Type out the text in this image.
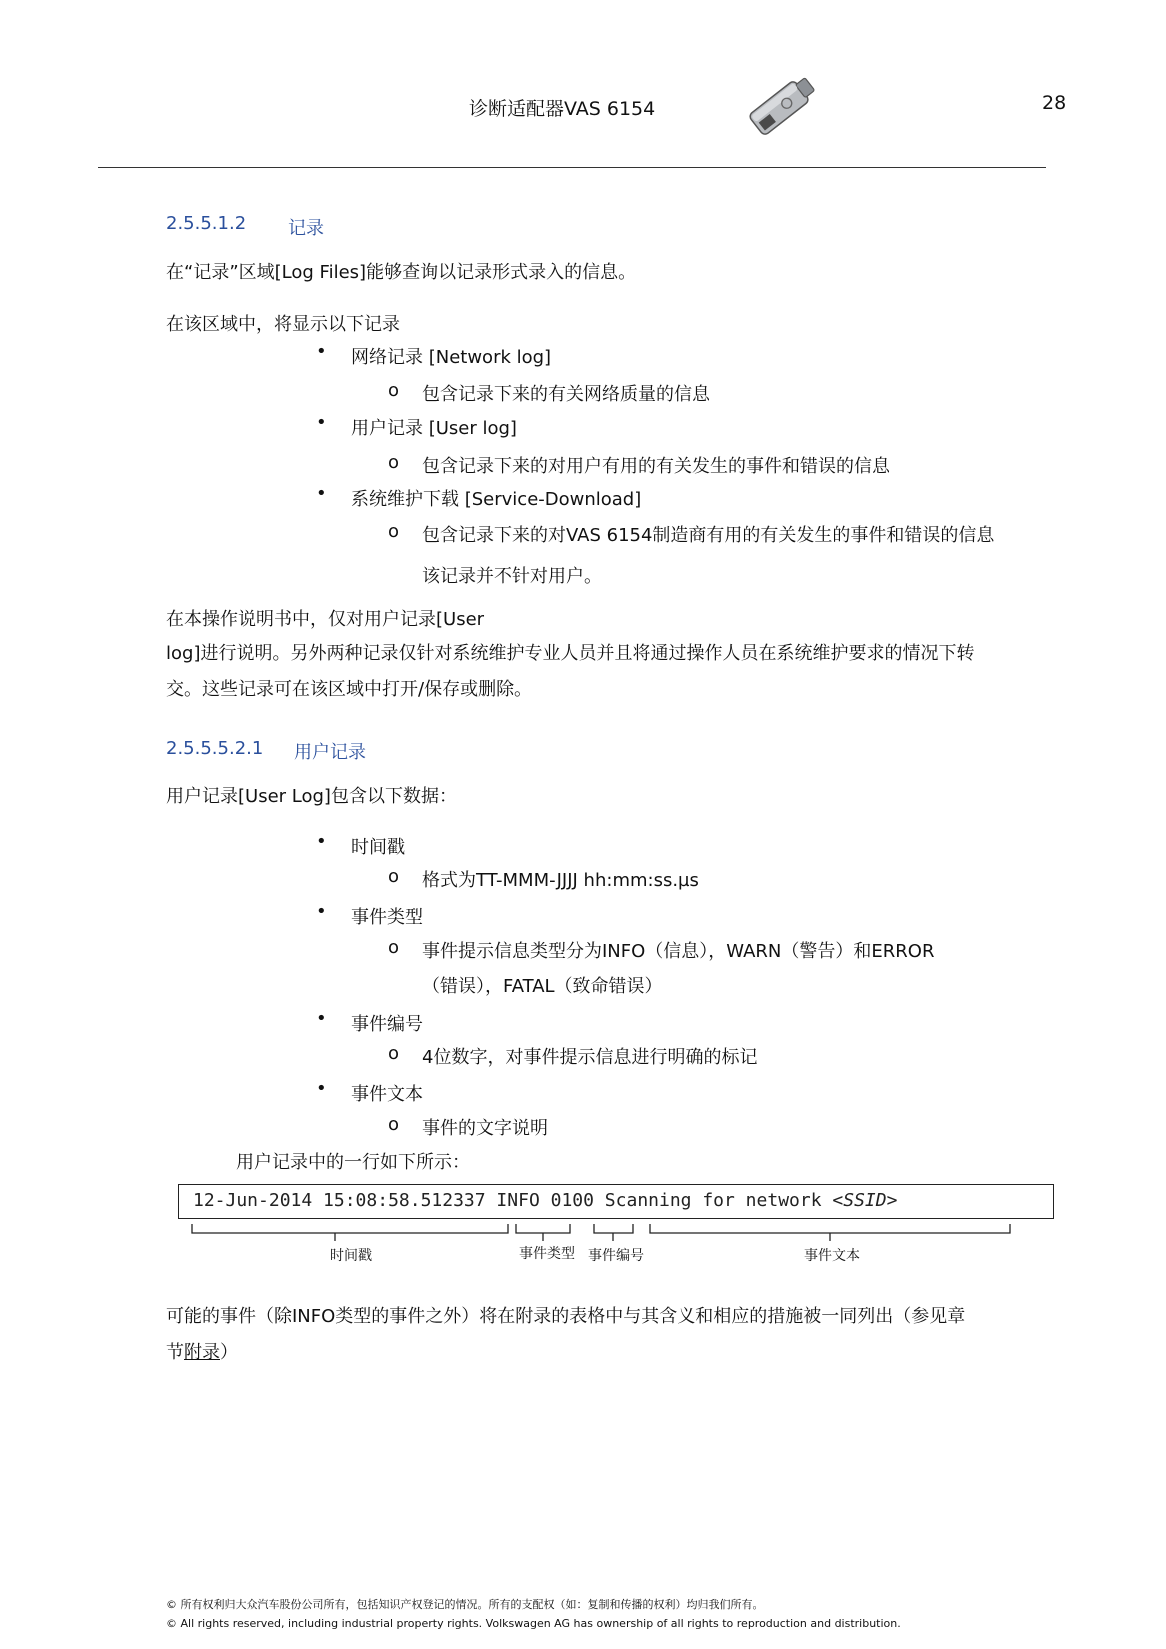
诊断适配器VAS 6154	28
2.5.5.1.2 记录
在“记录”区域[Log Files]能够查询以记录形式录入的信息。
在该区域中，将显示以下记录
• 网络记录 [Network log]
o 包含记录下来的有关网络质量的信息
• 用户记录 [User log]
o 包含记录下来的对用户有用的有关发生的事件和错误的信息
• 系统维护下载 [Service-Download]
o 包含记录下来的对VAS 6154制造商有用的有关发生的事件和错误的信息
该记录并不针对用户。
在本操作说明书中，仅对用户记录[User
log]进行说明。另外两种记录仅针对系统维护专业人员并且将通过操作人员在系统维护要求的情况下转
交。这些记录可在该区域中打开/保存或删除。
2.5.5.5.2.1 用户记录
用户记录[User Log]包含以下数据：
• 时间戳
o 格式为TT-MMM-JJJJ hh:mm:ss.µs
• 事件类型
o 事件提示信息类型分为INFO（信息），WARN（警告）和ERROR
（错误），FATAL（致命错误）
• 事件编号
o 4位数字，对事件提示信息进行明确的标记
• 事件文本
o 事件的文字说明
用户记录中的一行如下所示：
12-Jun-2014 15:08:58.512337 INFO 0100 Scanning for network <SSID>
时间戳	事件类型 事件编号	事件文本
可能的事件（除INFO类型的事件之外）将在附录的表格中与其含义和相应的措施被一同列出（参见章
节附录）
© 所有权利归大众汽车股份公司所有，包括知识产权登记的情况。所有的支配权（如：复制和传播的权利）均归我们所有。
© All rights reserved, including industrial property rights. Volkswagen AG has ownership of all rights to reproduction and distribution.
